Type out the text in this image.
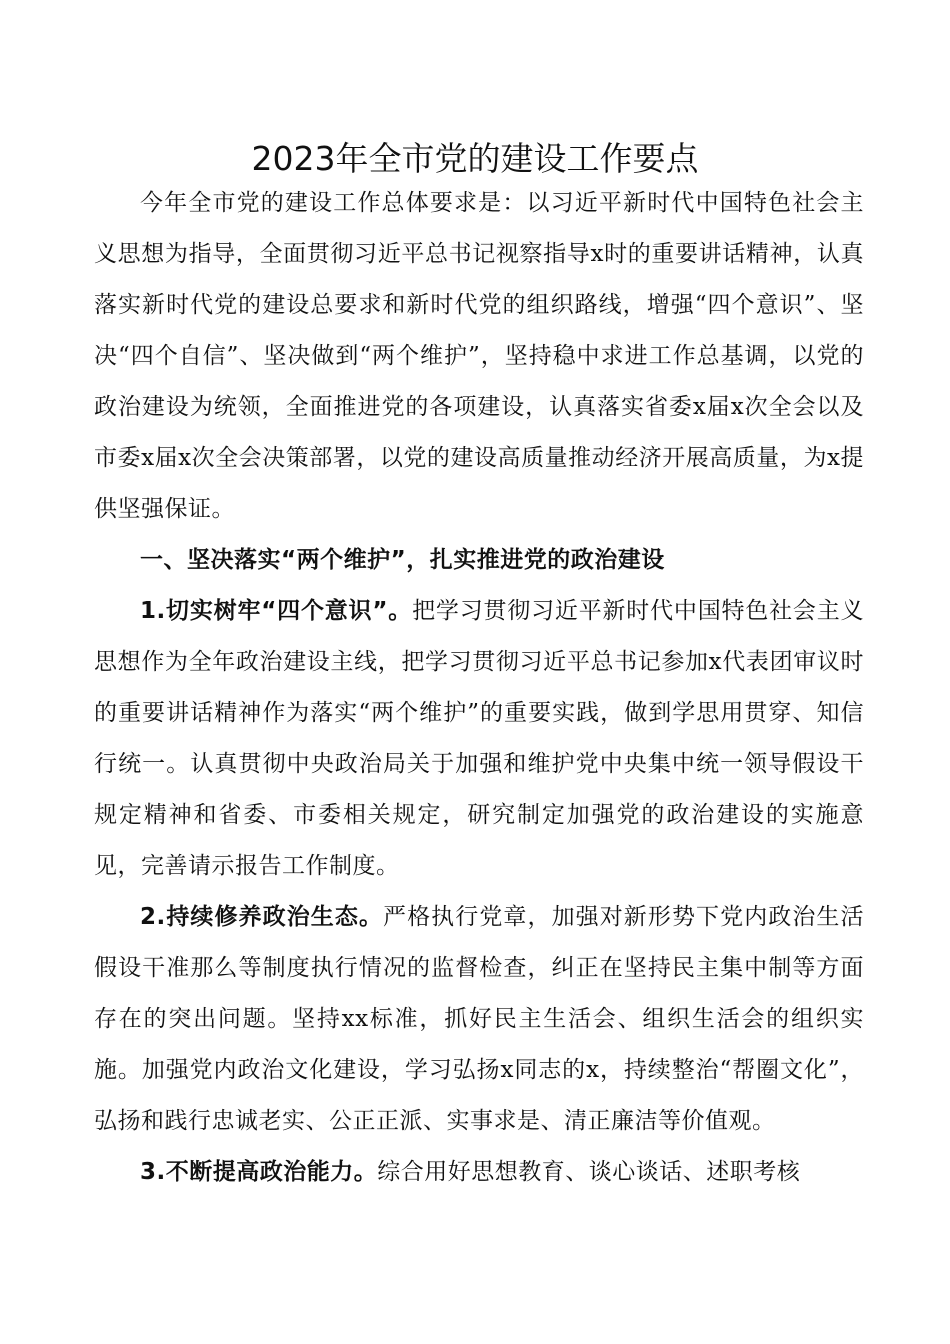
2023年全市党的建设工作要点

今年全市党的建设工作总体要求是：以习近平新时代中国特色社会主义思想为指导，全面贯彻习近平总书记视察指导x时的重要讲话精神，认真落实新时代党的建设总要求和新时代党的组织路线，增强“四个意识”、坚决“四个自信”、坚决做到“两个维护”，坚持稳中求进工作总基调，以党的政治建设为统领，全面推进党的各项建设，认真落实省委x届x次全会以及市委x届x次全会决策部署，以党的建设高质量推动经济开展高质量，为x提供坚强保证。

一、坚决落实“两个维护”，扎实推进党的政治建设

1.切实树牢“四个意识”。把学习贯彻习近平新时代中国特色社会主义思想作为全年政治建设主线，把学习贯彻习近平总书记参加x代表团审议时的重要讲话精神作为落实“两个维护”的重要实践，做到学思用贯穿、知信行统一。认真贯彻中央政治局关于加强和维护党中央集中统一领导假设干规定精神和省委、市委相关规定，研究制定加强党的政治建设的实施意见，完善请示报告工作制度。

2.持续修养政治生态。严格执行党章，加强对新形势下党内政治生活假设干准那么等制度执行情况的监督检查，纠正在坚持民主集中制等方面存在的突出问题。坚持xx标准，抓好民主生活会、组织生活会的组织实施。加强党内政治文化建设，学习弘扬x同志的x，持续整治“帮圈文化”，弘扬和践行忠诚老实、公正正派、实事求是、清正廉洁等价值观。

3.不断提高政治能力。综合用好思想教育、谈心谈话、述职考核
